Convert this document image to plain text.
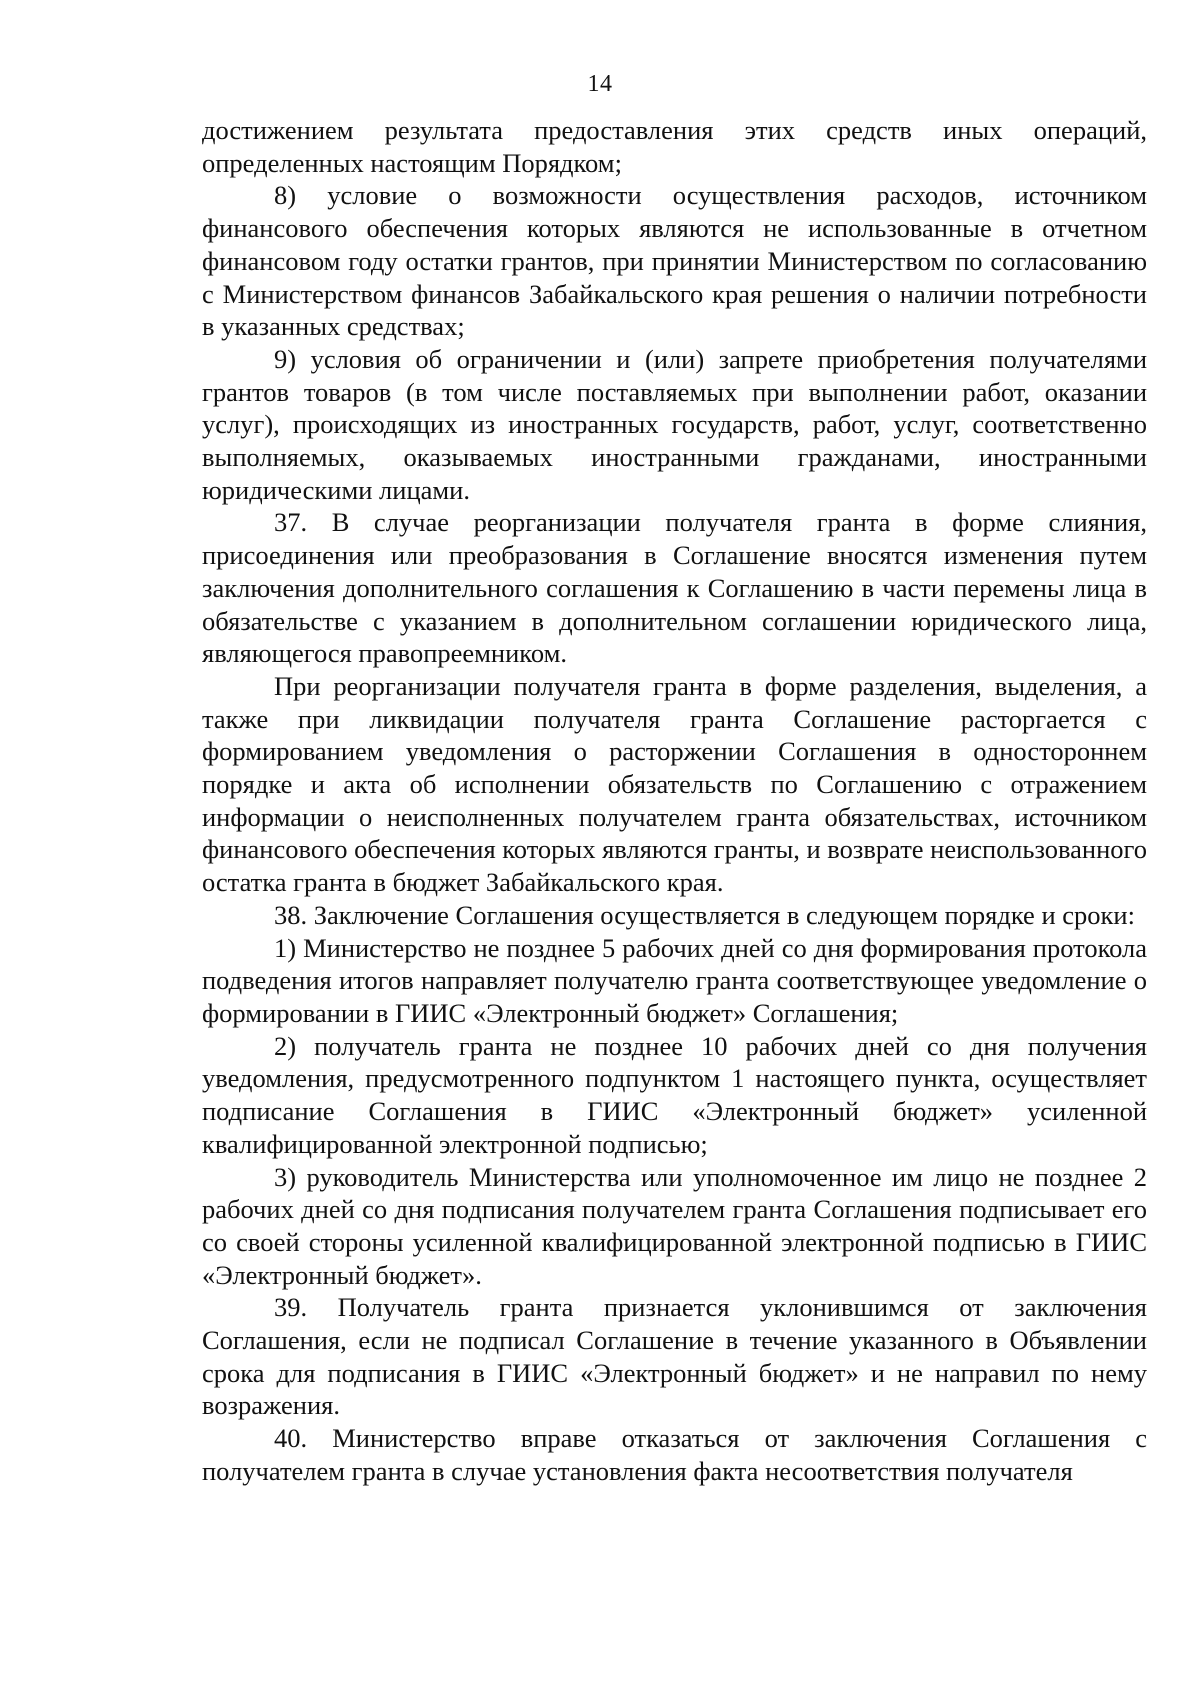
14

достижением результата предоставления этих средств иных операций, определенных настоящим Порядком;

8) условие о возможности осуществления расходов, источником финансового обеспечения которых являются не использованные в отчетном финансовом году остатки грантов, при принятии Министерством по согласованию с Министерством финансов Забайкальского края решения о наличии потребности в указанных средствах;

9) условия об ограничении и (или) запрете приобретения получателями грантов товаров (в том числе поставляемых при выполнении работ, оказании услуг), происходящих из иностранных государств, работ, услуг, соответственно выполняемых, оказываемых иностранными гражданами, иностранными юридическими лицами.

37. В случае реорганизации получателя гранта в форме слияния, присоединения или преобразования в Соглашение вносятся изменения путем заключения дополнительного соглашения к Соглашению в части перемены лица в обязательстве с указанием в дополнительном соглашении юридического лица, являющегося правопреемником.

При реорганизации получателя гранта в форме разделения, выделения, а также при ликвидации получателя гранта Соглашение расторгается с формированием уведомления о расторжении Соглашения в одностороннем порядке и акта об исполнении обязательств по Соглашению с отражением информации о неисполненных получателем гранта обязательствах, источником финансового обеспечения которых являются гранты, и возврате неиспользованного остатка гранта в бюджет Забайкальского края.

38. Заключение Соглашения осуществляется в следующем порядке и сроки:

1) Министерство не позднее 5 рабочих дней со дня формирования протокола подведения итогов направляет получателю гранта соответствующее уведомление о формировании в ГИИС «Электронный бюджет» Соглашения;

2) получатель гранта не позднее 10 рабочих дней со дня получения уведомления, предусмотренного подпунктом 1 настоящего пункта, осуществляет подписание Соглашения в ГИИС «Электронный бюджет» усиленной квалифицированной электронной подписью;

3) руководитель Министерства или уполномоченное им лицо не позднее 2 рабочих дней со дня подписания получателем гранта Соглашения подписывает его со своей стороны усиленной квалифицированной электронной подписью в ГИИС «Электронный бюджет».

39. Получатель гранта признается уклонившимся от заключения Соглашения, если не подписал Соглашение в течение указанного в Объявлении срока для подписания в ГИИС «Электронный бюджет» и не направил по нему возражения.

40. Министерство вправе отказаться от заключения Соглашения с получателем гранта в случае установления факта несоответствия получателя
